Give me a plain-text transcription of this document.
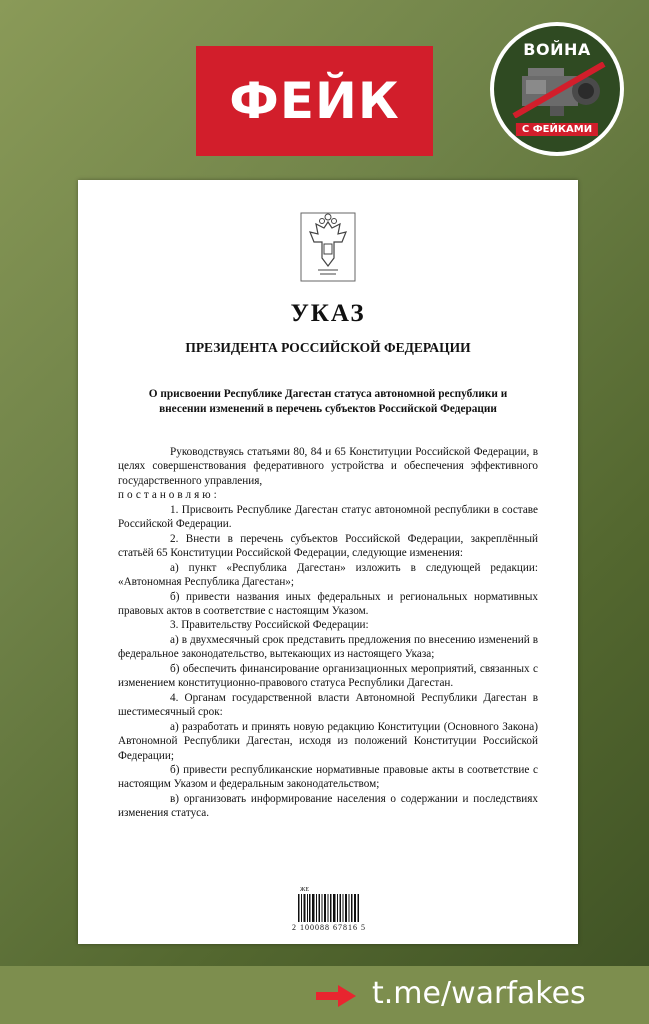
ФЕЙК
ВОЙНА
С ФЕЙКАМИ
УКАЗ
ПРЕЗИДЕНТА РОССИЙСКОЙ ФЕДЕРАЦИИ
О присвоении Республике Дагестан статуса автономной республики и внесении изменений в перечень субъектов Российской Федерации

Руководствуясь статьями 80, 84 и 65 Конституции Российской Федерации, в целях совершенствования федеративного устройства и обеспечения эффективного государственного управления,

постановляю:

1. Присвоить Республике Дагестан статус автономной республики в составе Российской Федерации.

2. Внести в перечень субъектов Российской Федерации, закреплённый статьёй 65 Конституции Российской Федерации, следующие изменения:

а) пункт «Республика Дагестан» изложить в следующей редакции: «Автономная Республика Дагестан»;

б) привести названия иных федеральных и региональных нормативных правовых актов в соответствие с настоящим Указом.

3. Правительству Российской Федерации:

а) в двухмесячный срок представить предложения по внесению изменений в федеральное законодательство, вытекающих из настоящего Указа;

б) обеспечить финансирование организационных мероприятий, связанных с изменением конституционно-правового статуса Республики Дагестан.

4. Органам государственной власти Автономной Республики Дагестан в шестимесячный срок:

а) разработать и принять новую редакцию Конституции (Основного Закона) Автономной Республики Дагестан, исходя из положений Конституции Российской Федерации;

б) привести республиканские нормативные правовые акты в соответствие с настоящим Указом и федеральным законодательством;

в) организовать информирование населения о содержании и последствиях изменения статуса.

ЖЕ
2 100088 67816 5
t.me/warfakes
